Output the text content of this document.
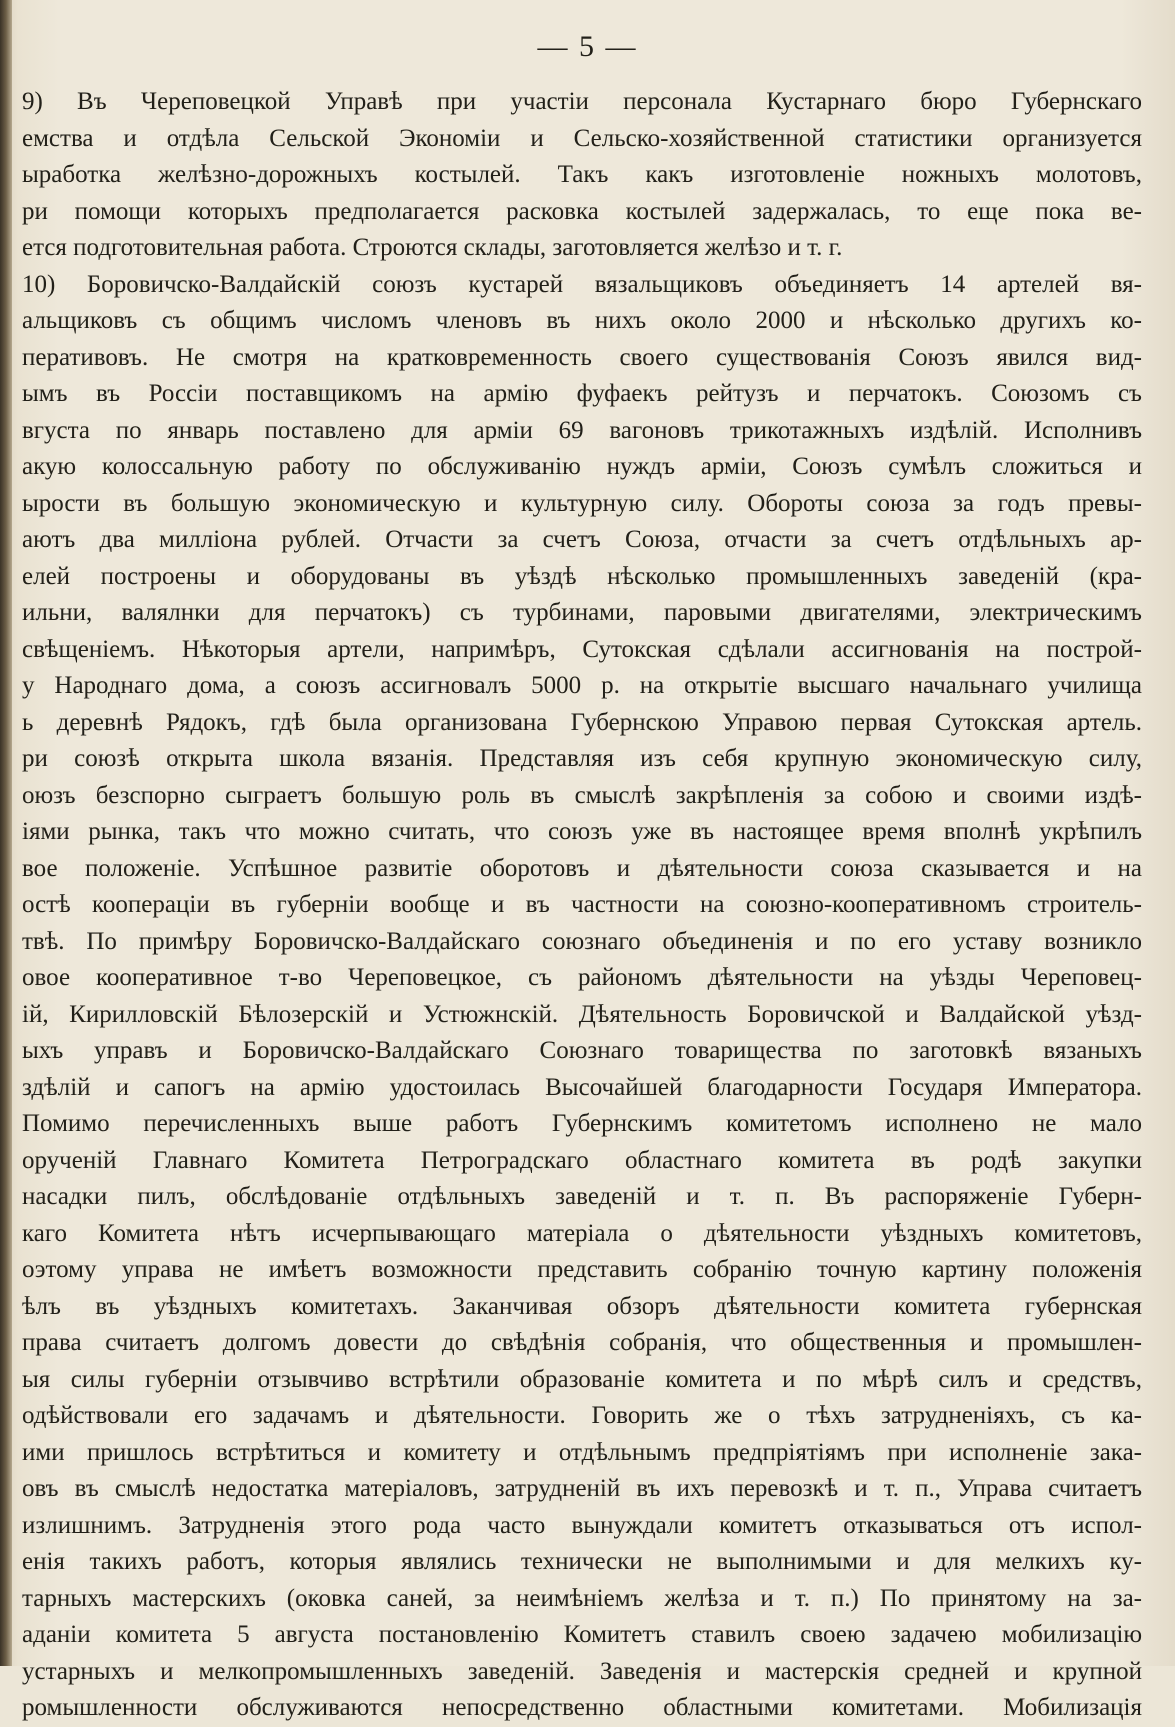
— 5 —
9) Въ Череповецкой Управѣ при участіи персонала Кустарнаго бюро Губернскаго
емства и отдѣла Сельской Экономіи и Сельско-хозяйственной статистики организуется
ыработка желѣзно-дорожныхъ костылей. Такъ какъ изготовленіе ножныхъ молотовъ,
ри помощи которыхъ предполагается расковка костылей задержалась, то еще пока ве-
ется подготовительная работа. Строются склады, заготовляется желѣзо и т. г.
10) Боровичско-Валдайскій союзъ кустарей вязальщиковъ объединяетъ 14 артелей вя-
альщиковъ съ общимъ числомъ членовъ въ нихъ около 2000 и нѣсколько другихъ ко-
перативовъ. Не смотря на кратковременность своего существованія Союзъ явился вид-
ымъ въ Россіи поставщикомъ на армію фуфаекъ рейтузъ и перчатокъ. Союзомъ съ
вгуста по январь поставлено для арміи 69 вагоновъ трикотажныхъ издѣлій. Исполнивъ
акую колоссальную работу по обслуживанію нуждъ арміи, Союзъ сумѣлъ сложиться и
ырости въ большую экономическую и культурную силу. Обороты союза за годъ превы-
аютъ два милліона рублей. Отчасти за счетъ Союза, отчасти за счетъ отдѣльныхъ ар-
елей построены и оборудованы въ уѣздѣ нѣсколько промышленныхъ заведеній (кра-
ильни, валялнки для перчатокъ) съ турбинами, паровыми двигателями, электрическимъ
свѣщеніемъ. Нѣкоторыя артели, напримѣръ, Сутокская сдѣлали ассигнованія на построй-
у Народнаго дома, а союзъ ассигновалъ 5000 р. на открытіе высшаго начальнаго училища
ь деревнѣ Рядокъ, гдѣ была организована Губернскою Управою первая Сутокская артель.
ри союзѣ открыта школа вязанія. Представляя изъ себя крупную экономическую силу,
оюзъ безспорно сыграетъ большую роль въ смыслѣ закрѣпленія за собою и своими издѣ-
іями рынка, такъ что можно считать, что союзъ уже въ настоящее время вполнѣ укрѣпилъ
вое положеніе. Успѣшное развитіе оборотовъ и дѣятельности союза сказывается и на
остѣ коопераціи въ губерніи вообще и въ частности на союзно-кооперативномъ строитель-
твѣ. По примѣру Боровичско-Валдайскаго союзнаго объединенія и по его уставу возникло
овое кооперативное т-во Череповецкое, съ райономъ дѣятельности на уѣзды Череповец-
ій, Кирилловскій Бѣлозерскій и Устюжнскій. Дѣятельность Боровичской и Валдайской уѣзд-
ыхъ управъ и Боровичско-Валдайскаго Союзнаго товарищества по заготовкѣ вязаныхъ
здѣлій и сапогъ на армію удостоилась Высочайшей благодарности Государя Императора.
Помимо перечисленныхъ выше работъ Губернскимъ комитетомъ исполнено не мало
орученій Главнаго Комитета Петроградскаго областнаго комитета въ родѣ закупки
насадки пилъ, обслѣдованіе отдѣльныхъ заведеній и т. п. Въ распоряженіе Губерн-
каго Комитета нѣтъ исчерпывающаго матеріала о дѣятельности уѣздныхъ комитетовъ,
оэтому управа не имѣетъ возможности представить собранію точную картину положенія
ѣлъ въ уѣздныхъ комитетахъ. Заканчивая обзоръ дѣятельности комитета губернская
права считаетъ долгомъ довести до свѣдѣнія собранія, что общественныя и промышлен-
ыя силы губерніи отзывчиво встрѣтили образованіе комитета и по мѣрѣ силъ и средствъ,
одѣйствовали его задачамъ и дѣятельности. Говорить же о тѣхъ затрудненіяхъ, съ ка-
ими пришлось встрѣтиться и комитету и отдѣльнымъ предпріятіямъ при исполненіе зака-
овъ въ смыслѣ недостатка матеріаловъ, затрудненій въ ихъ перевозкѣ и т. п., Управа считаетъ
излишнимъ. Затрудненія этого рода часто вынуждали комитетъ отказываться отъ испол-
енія такихъ работъ, которыя являлись технически не выполнимыми и для мелкихъ ку-
тарныхъ мастерскихъ (оковка саней, за неимѣніемъ желѣза и т. п.) По принятому на за-
аданіи комитета 5 августа постановленію Комитетъ ставилъ своею задачею мобилизацію
устарныхъ и мелкопромышленныхъ заведеній. Заведенія и мастерскія средней и крупной
ромышленности обслуживаются непосредственно областными комитетами. Мобилизація
